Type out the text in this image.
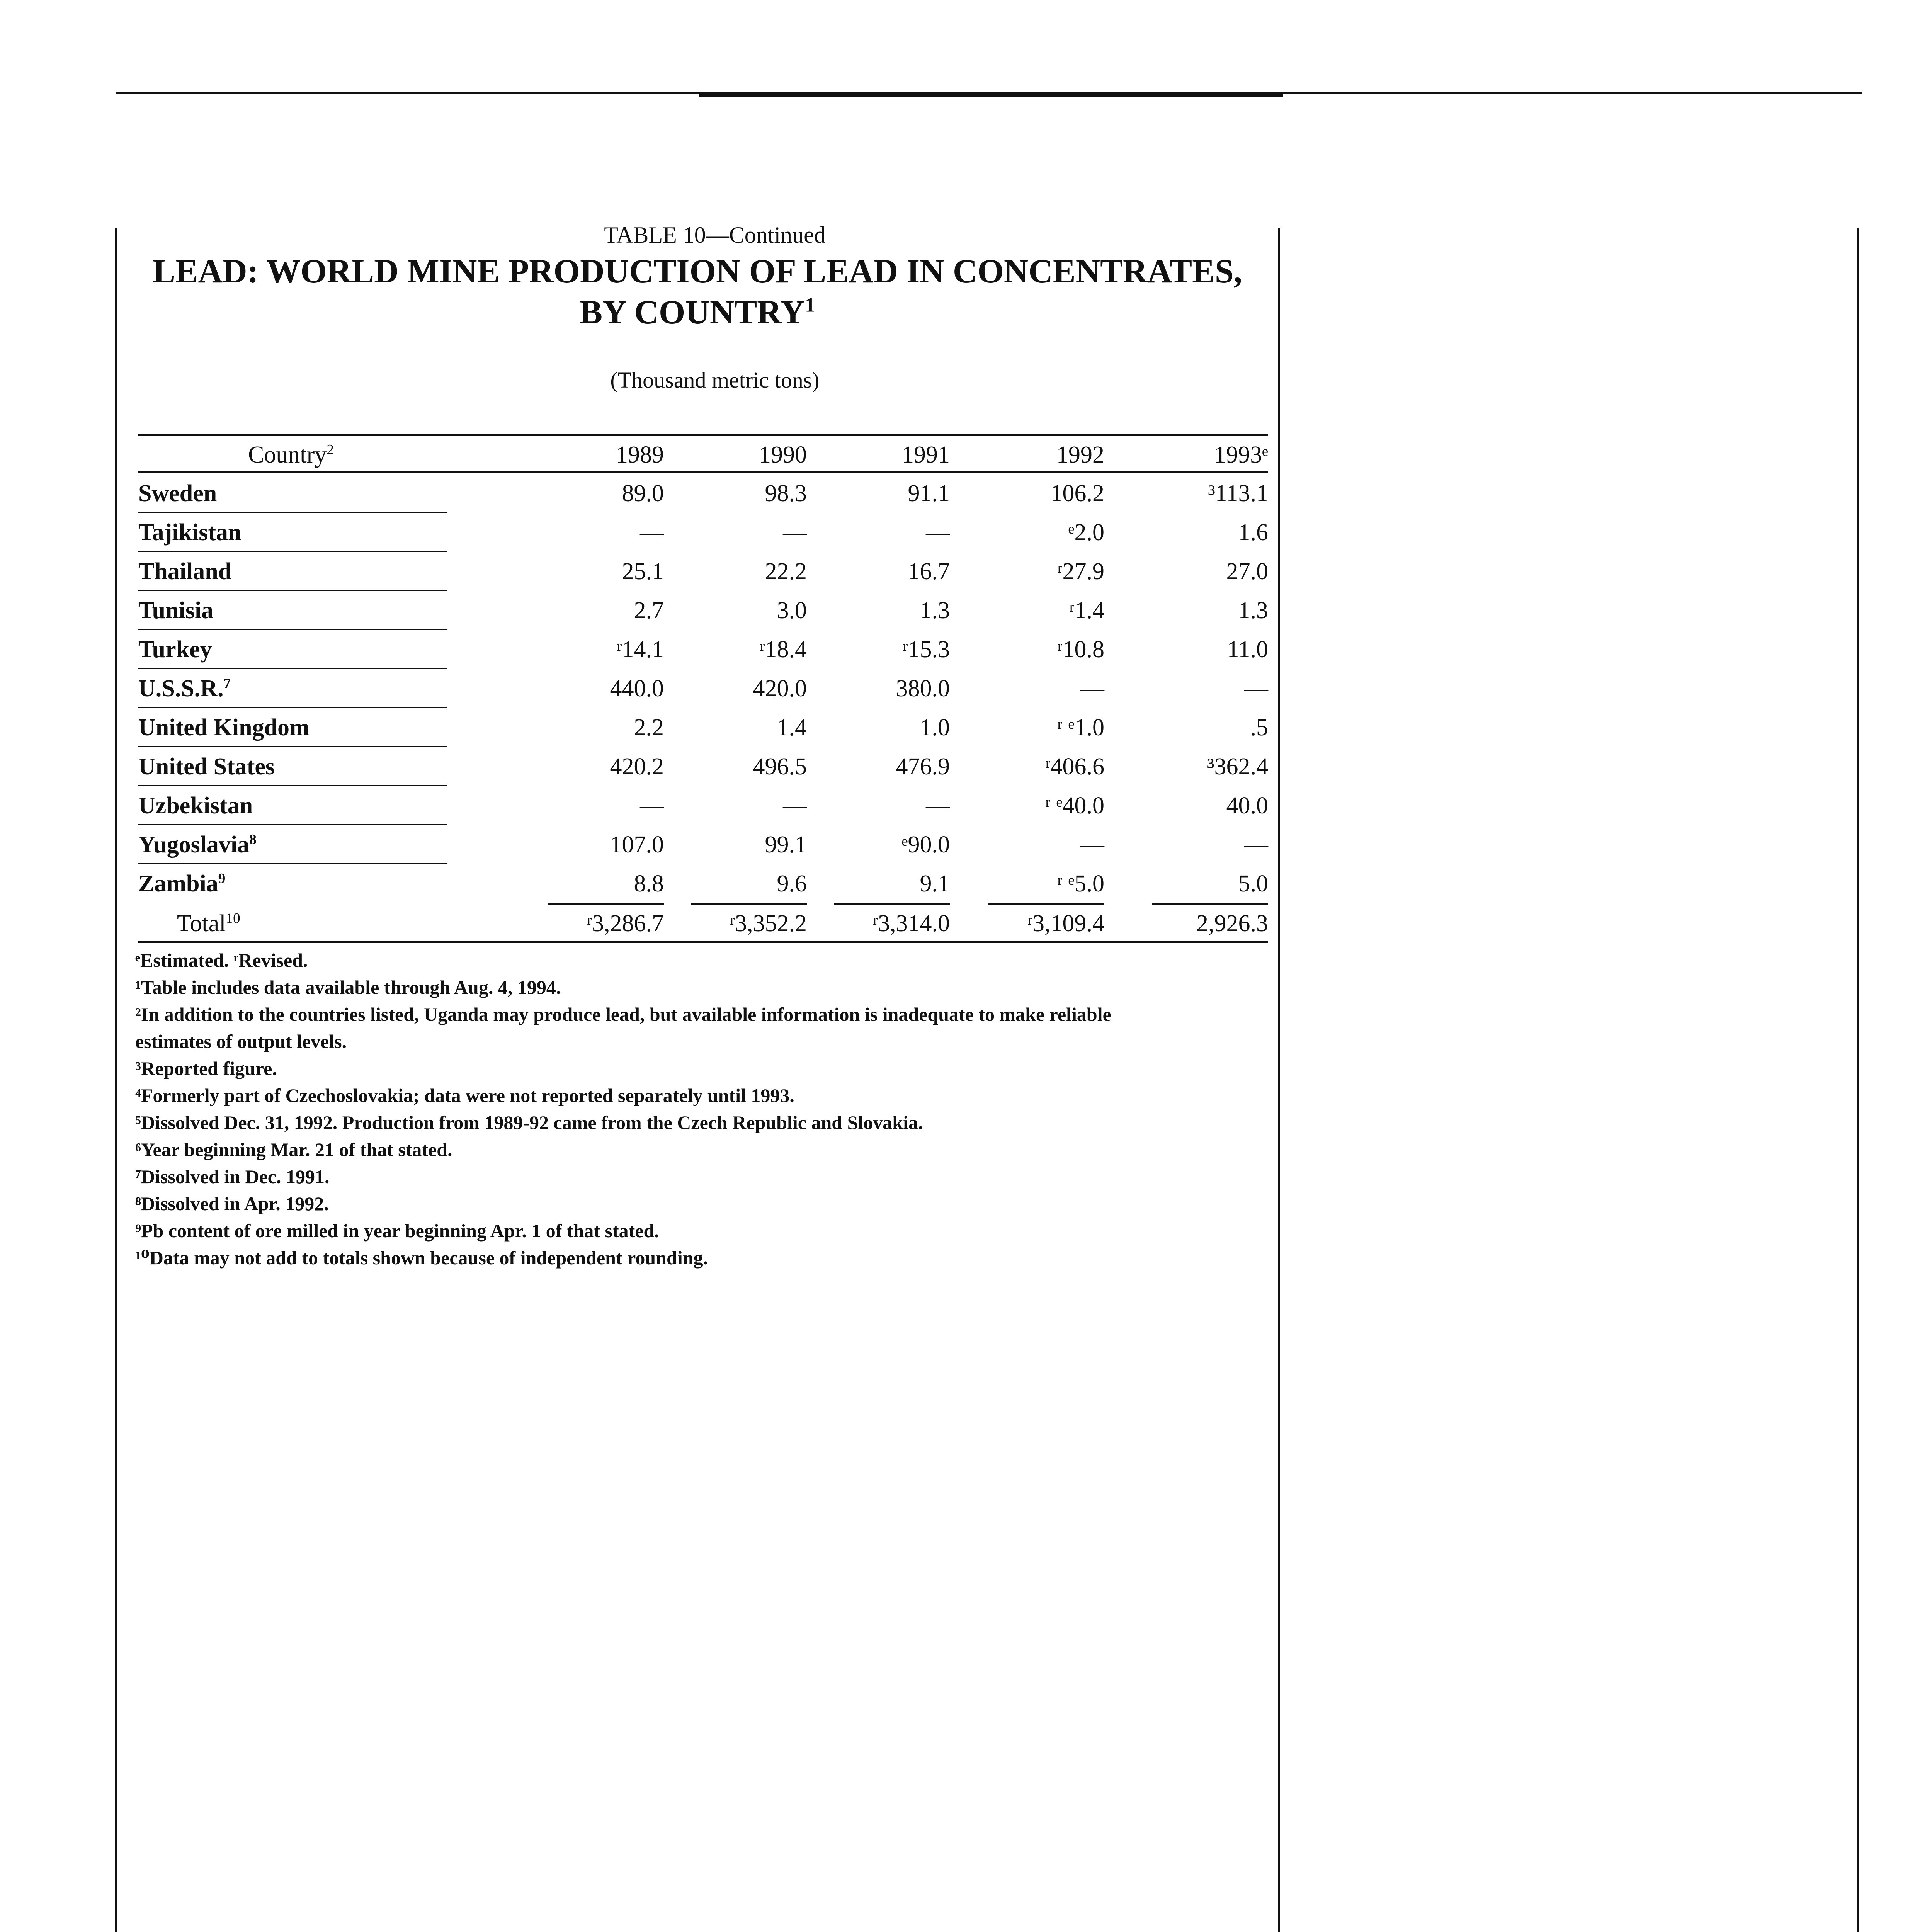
TABLE 10—Continued
LEAD: WORLD MINE PRODUCTION OF LEAD IN CONCENTRATES,
BY COUNTRY$^1$
(Thousand metric tons)
Country$^2$	1989	1990	1991	1992	1993ᵉ
Sweden	89.0	98.3	91.1	106.2	³113.1
Tajikistan	—	—	—	ᵉ2.0	1.6
Thailand	25.1	22.2	16.7	ʳ27.9	27.0
Tunisia	2.7	3.0	1.3	ʳ1.4	1.3
Turkey	ʳ14.1	ʳ18.4	ʳ15.3	ʳ10.8	11.0
U.S.S.R.$^7$	440.0	420.0	380.0	—	—
United Kingdom	2.2	1.4	1.0	ʳ ᵉ1.0	.5
United States	420.2	496.5	476.9	ʳ406.6	³362.4
Uzbekistan	—	—	—	ʳ ᵉ40.0	40.0
Yugoslavia$^8$	107.0	99.1	ᵉ90.0	—	—
Zambia$^9$	8.8	9.6	9.1	ʳ ᵉ5.0	5.0
Total$^{10}$	ʳ3,286.7	ʳ3,352.2	ʳ3,314.0	ʳ3,109.4	2,926.3
ᵉEstimated. ʳRevised.
¹Table includes data available through Aug. 4, 1994.
²In addition to the countries listed, Uganda may produce lead, but available information is inadequate to make reliable
estimates of output levels.
³Reported figure.
⁴Formerly part of Czechoslovakia; data were not reported separately until 1993.
⁵Dissolved Dec. 31, 1992. Production from 1989-92 came from the Czech Republic and Slovakia.
⁶Year beginning Mar. 21 of that stated.
⁷Dissolved in Dec. 1991.
⁸Dissolved in Apr. 1992.
⁹Pb content of ore milled in year beginning Apr. 1 of that stated.
¹⁰Data may not add to totals shown because of independent rounding.
